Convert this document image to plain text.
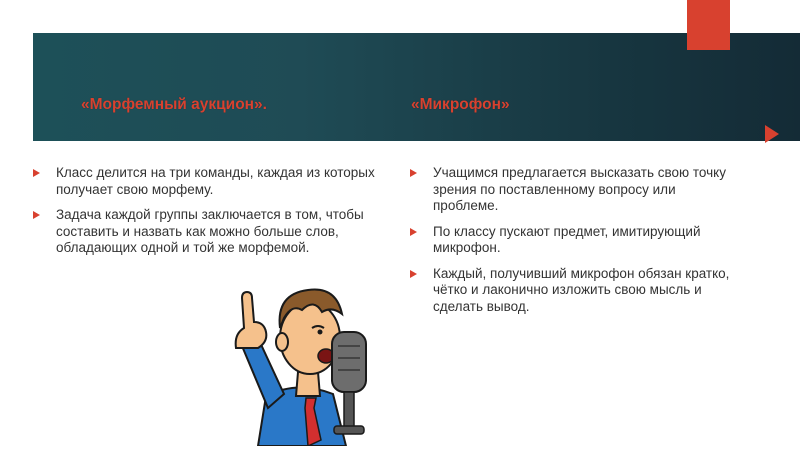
«Морфемный аукцион».	«Микрофон»
Класс делится на три команды, каждая из которых получает свою морфему.
Задача каждой группы заключается в том, чтобы составить и назвать как можно больше слов, обладающих одной и той же морфемой.
Учащимся предлагается высказать свою точку зрения по поставленному вопросу или проблеме.
По классу пускают предмет, имитирующий микрофон.
Каждый, получивший микрофон обязан кратко, чётко и лаконично изложить свою мысль и сделать вывод.
